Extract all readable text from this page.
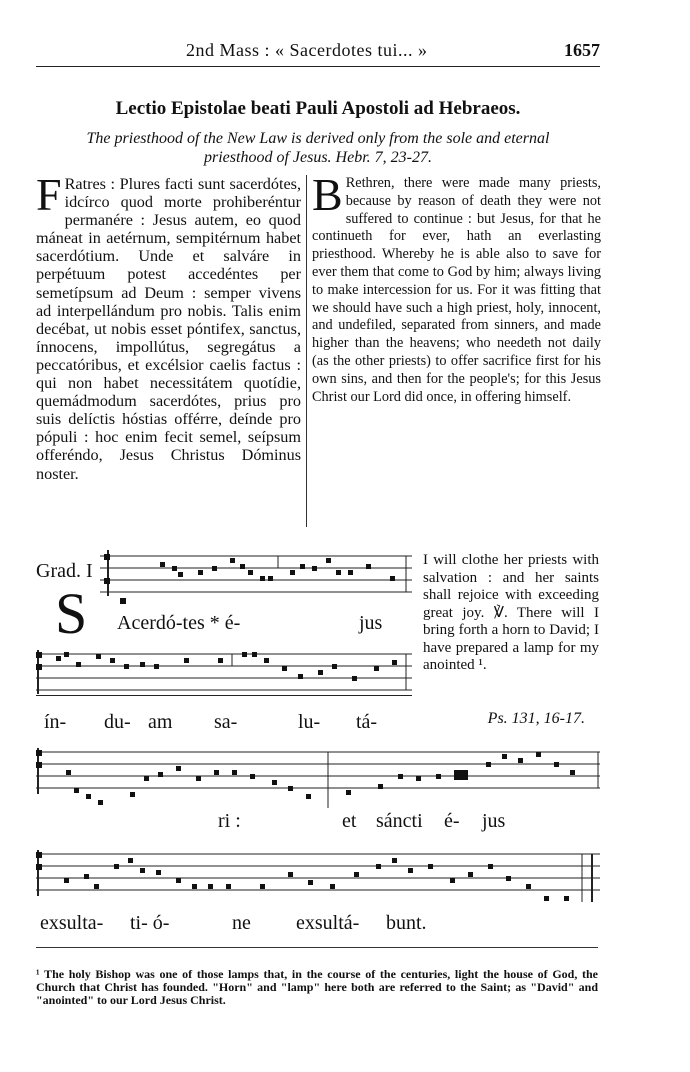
2nd Mass : « Sacerdotes tui... »	1657
Lectio Epistolae beati Pauli Apostoli ad Hebraeos.
The priesthood of the New Law is derived only from the sole and eternal priesthood of Jesus. Hebr. 7, 23-27.
F Ratres : Plures facti sunt sacerdótes, idcírco quod morte prohiberéntur permanére : Jesus autem, eo quod máneat in aetérnum, sempitérnum habet sacerdótium. Unde et salváre in perpétuum potest accedéntes per semetípsum ad Deum : semper vivens ad interpellándum pro nobis. Talis enim decébat, ut nobis esset póntifex, sanctus, ínnocens, impollútus, segregátus a peccatóribus, et excélsior caelis factus : qui non habet necessitátem quotídie, quemádmodum sacerdótes, prius pro suis delíctis hóstias offérre, deínde pro pópuli : hoc enim fecit semel, seípsum offeréndo, Jesus Christus Dóminus noster.
B Rethren, there were made many priests, because by reason of death they were not suffered to continue : but Jesus, for that he continueth for ever, hath an everlasting priesthood. Whereby he is able also to save for ever them that come to God by him; always living to make intercession for us. For it was fitting that we should have such a high priest, holy, innocent, and undefiled, separated from sinners, and made higher than the heavens; who needeth not daily (as the other priests) to offer sacrifice first for his own sins, and then for the people's; for this Jesus Christ our Lord did once, in offering himself.
Grad. I
S Acerdó-tes * é-	jus
ín- du- am sa-	lu- tá-
I will clothe her priests with salvation : and her saints shall rejoice with exceeding great joy. ℣. There will I bring forth a horn to David; I have prepared a lamp for my anointed ¹.
Ps. 131, 16-17.
ri :	et sáncti é- jus
exsulta- ti- ó-	ne exsultá- bunt.
¹ The holy Bishop was one of those lamps that, in the course of the centuries, light the house of God, the Church that Christ has founded. "Horn" and "lamp" here both are referred to the Saint; as "David" and "anointed" to our Lord Jesus Christ.
